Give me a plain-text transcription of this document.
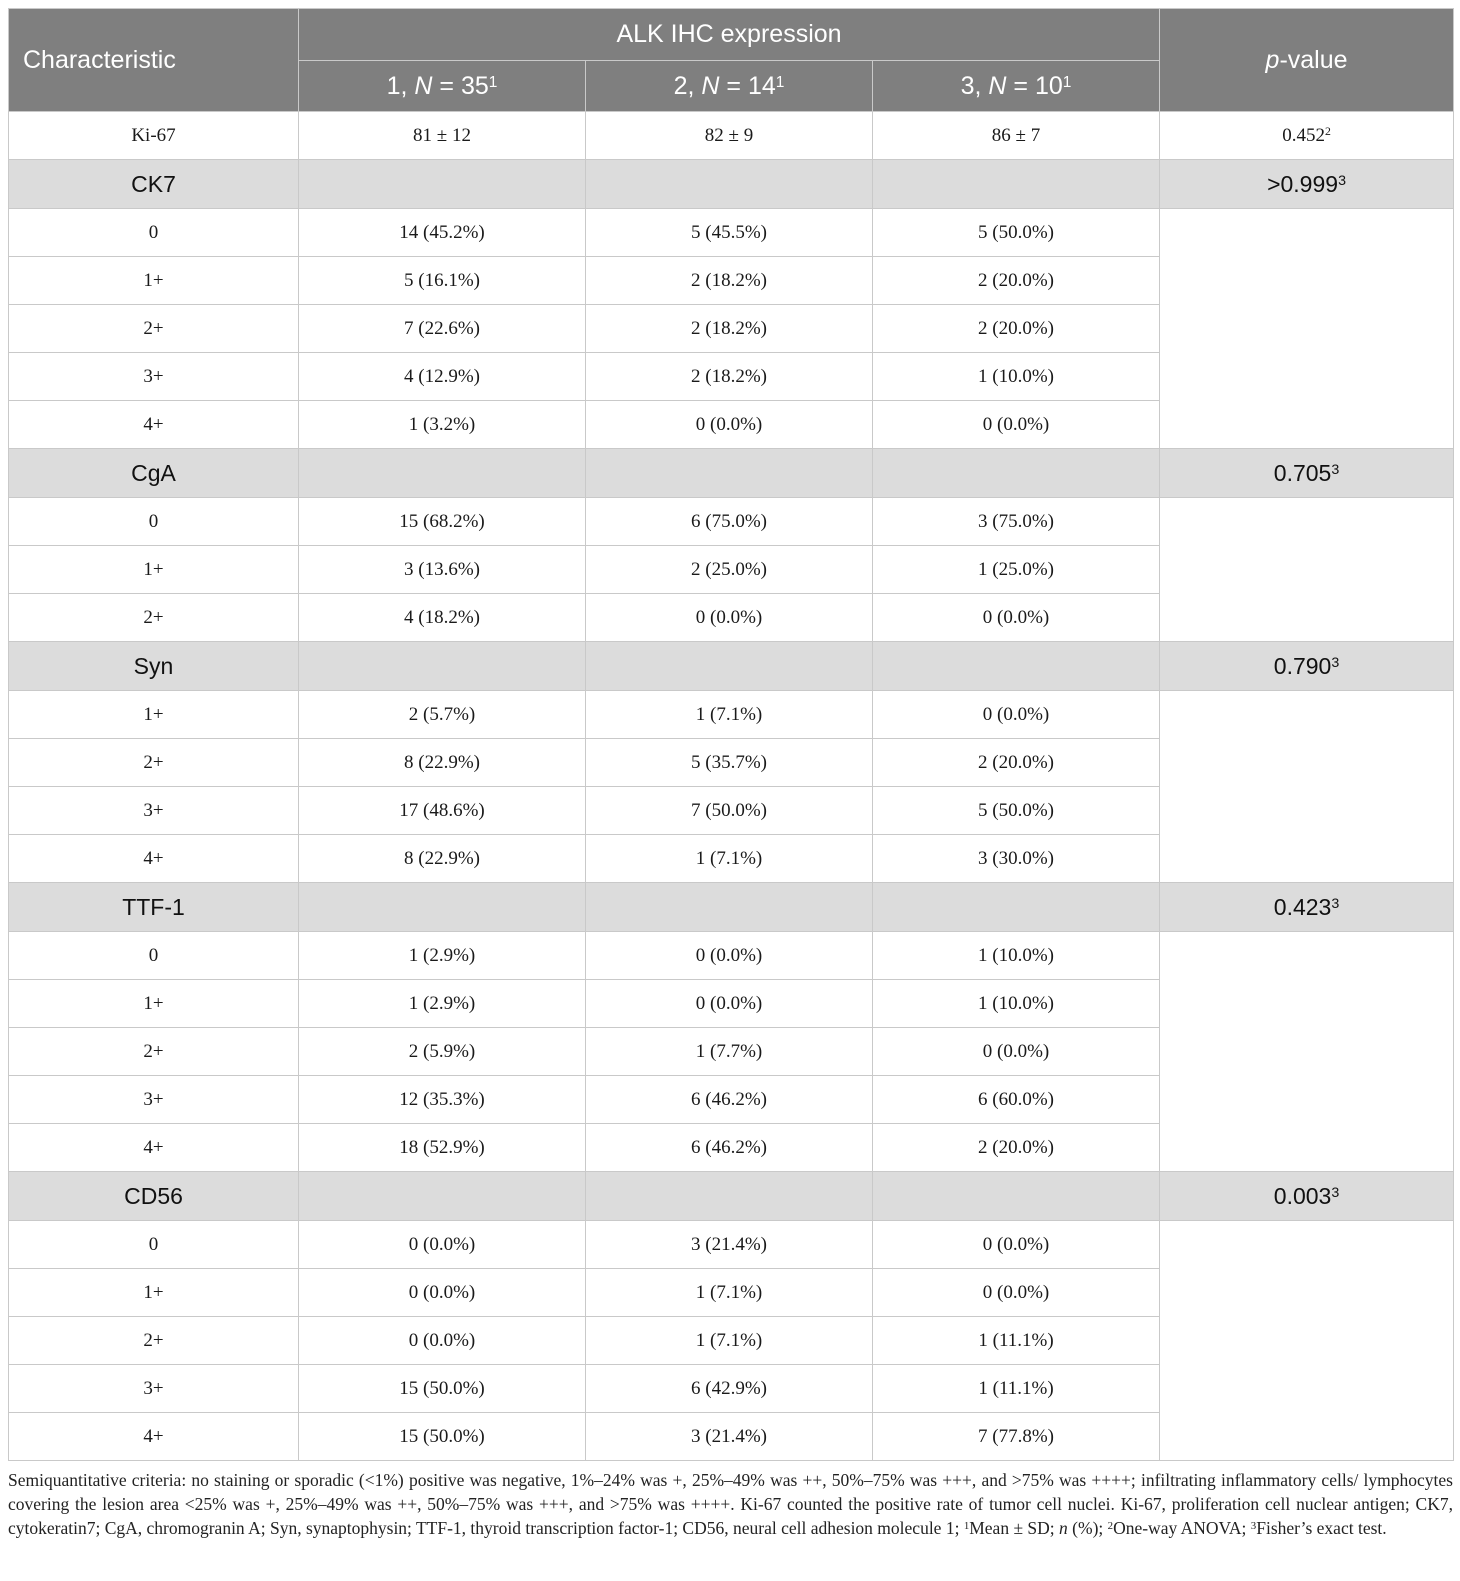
Characteristic	ALK IHC expression			p-value
	1, $N = 35^1$	2, $N = 14^1$	3, $N = 10^1$
Ki-67	81 ± 12	82 ± 9	86 ± 7	0.452$^2$
CK7				$>0.999^3$
0	14 (45.2%)	5 (45.5%)	5 (50.0%)	
1+	5 (16.1%)	2 (18.2%)	2 (20.0%)	
2+	7 (22.6%)	2 (18.2%)	2 (20.0%)	
3+	4 (12.9%)	2 (18.2%)	1 (10.0%)	
4+	1 (3.2%)	0 (0.0%)	0 (0.0%)	
CgA				0.705$^3$
0	15 (68.2%)	6 (75.0%)	3 (75.0%)	
1+	3 (13.6%)	2 (25.0%)	1 (25.0%)	
2+	4 (18.2%)	0 (0.0%)	0 (0.0%)	
Syn				0.790$^3$
1+	2 (5.7%)	1 (7.1%)	0 (0.0%)	
2+	8 (22.9%)	5 (35.7%)	2 (20.0%)	
3+	17 (48.6%)	7 (50.0%)	5 (50.0%)	
4+	8 (22.9%)	1 (7.1%)	3 (30.0%)	
TTF-1				0.423$^3$
0	1 (2.9%)	0 (0.0%)	1 (10.0%)	
1+	1 (2.9%)	0 (0.0%)	1 (10.0%)	
2+	2 (5.9%)	1 (7.7%)	0 (0.0%)	
3+	12 (35.3%)	6 (46.2%)	6 (60.0%)	
4+	18 (52.9%)	6 (46.2%)	2 (20.0%)	
CD56				0.003$^3$
0	0 (0.0%)	3 (21.4%)	0 (0.0%)	
1+	0 (0.0%)	1 (7.1%)	0 (0.0%)	
2+	0 (0.0%)	1 (7.1%)	1 (11.1%)	
3+	15 (50.0%)	6 (42.9%)	1 (11.1%)	
4+	15 (50.0%)	3 (21.4%)	7 (77.8%)	
Semiquantitative criteria: no staining or sporadic (<1%) positive was negative, 1%–24% was +, 25%–49% was ++, 50%–75% was +++, and >75% was ++++; infiltrating inflammatory cells/ lymphocytes covering the lesion area <25% was +, 25%–49% was ++, 50%–75% was +++, and >75% was ++++. Ki-67 counted the positive rate of tumor cell nuclei. Ki-67, proliferation cell nuclear antigen; CK7, cytokeratin7; CgA, chromogranin A; Syn, synaptophysin; TTF-1, thyroid transcription factor-1; CD56, neural cell adhesion molecule 1; $^1$Mean ± SD; n (%); $^2$One-way ANOVA; $^3$Fisher’s exact test.
